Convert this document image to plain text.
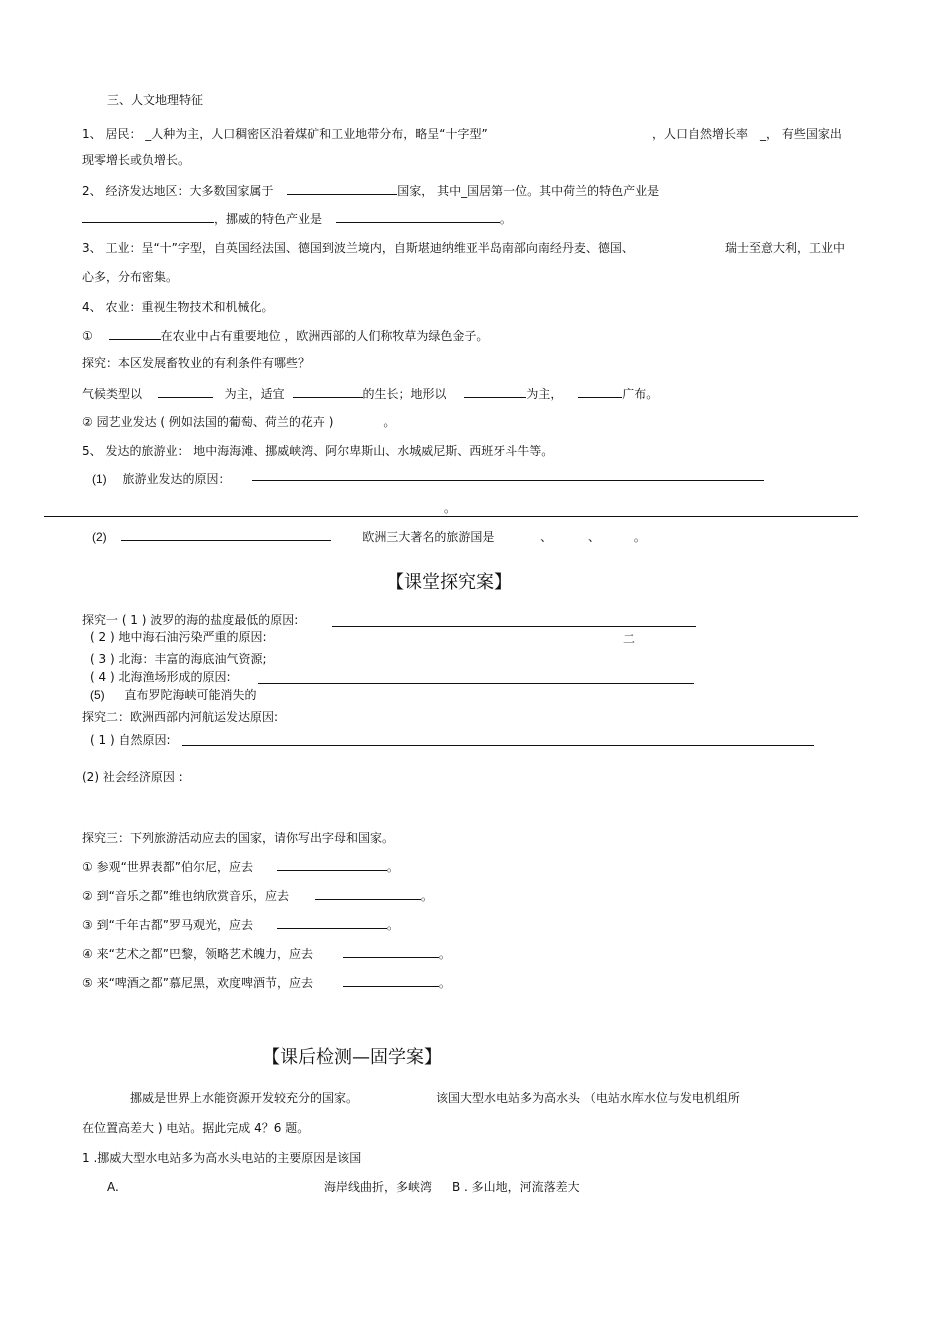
三、人文地理特征
1、 居民： _人种为主，人口稠密区沿着煤矿和工业地带分布，略呈“十字型”	，人口自然增长率 _， 有些国家出
现零增长或负增长。
2、 经济发达地区：大多数国家属于	国家， 其中_国居第一位。其中荷兰的特色产业是
，挪威的特色产业是	。
3、 工业：呈“十”字型，自英国经法国、德国到波兰境内，自斯堪迪纳维亚半岛南部向南经丹麦、德国、	瑞士至意大利，工业中
心多，分布密集。
4、 农业：重视生物技术和机械化。
①	在农业中占有重要地位 ，欧洲西部的人们称牧草为绿色金子。
探究：本区发展畜牧业的有利条件有哪些？
气候类型以	为主，适宜	的生长；地形以	为主，	广布。
② 园艺业发达 ( 例如法国的葡萄、荷兰的花卉 )	。
5、 发达的旅游业： 地中海海滩、挪威峡湾、阿尔卑斯山、水城威尼斯、西班牙斗牛等。
(1) 旅游业发达的原因：
。
(2)	欧洲三大著名的旅游国是	、	、	。
【课堂探究案】
探究一 ( 1 ) 波罗的海的盐度最低的原因:
( 2 ) 地中海石油污染严重的原因:	二
( 3 ) 北海：丰富的海底油气资源;
( 4 ) 北海渔场形成的原因:
(5) 直布罗陀海峡可能消失的
探究二：欧洲西部内河航运发达原因:
( 1 ) 自然原因:
(2) 社会经济原因 :
探究三：下列旅游活动应去的国家，请你写出字母和国家。
① 参观“世界表都”伯尔尼，应去	。
② 到“音乐之都”维也纳欣赏音乐，应去	。
③ 到“千年古都”罗马观光，应去	。
④ 来“艺术之都”巴黎，领略艺术魄力，应去	。
⑤ 来“啤酒之都”慕尼黑，欢度啤酒节，应去	。
【课后检测—固学案】
挪威是世界上水能资源开发较充分的国家。	该国大型水电站多为高水头 （电站水库水位与发电机组所
在位置高差大 ) 电站。据此完成 4？6 题。
1 .挪威大型水电站多为高水头电站的主要原因是该国
A.	海岸线曲折，多峡湾 B . 多山地，河流落差大
